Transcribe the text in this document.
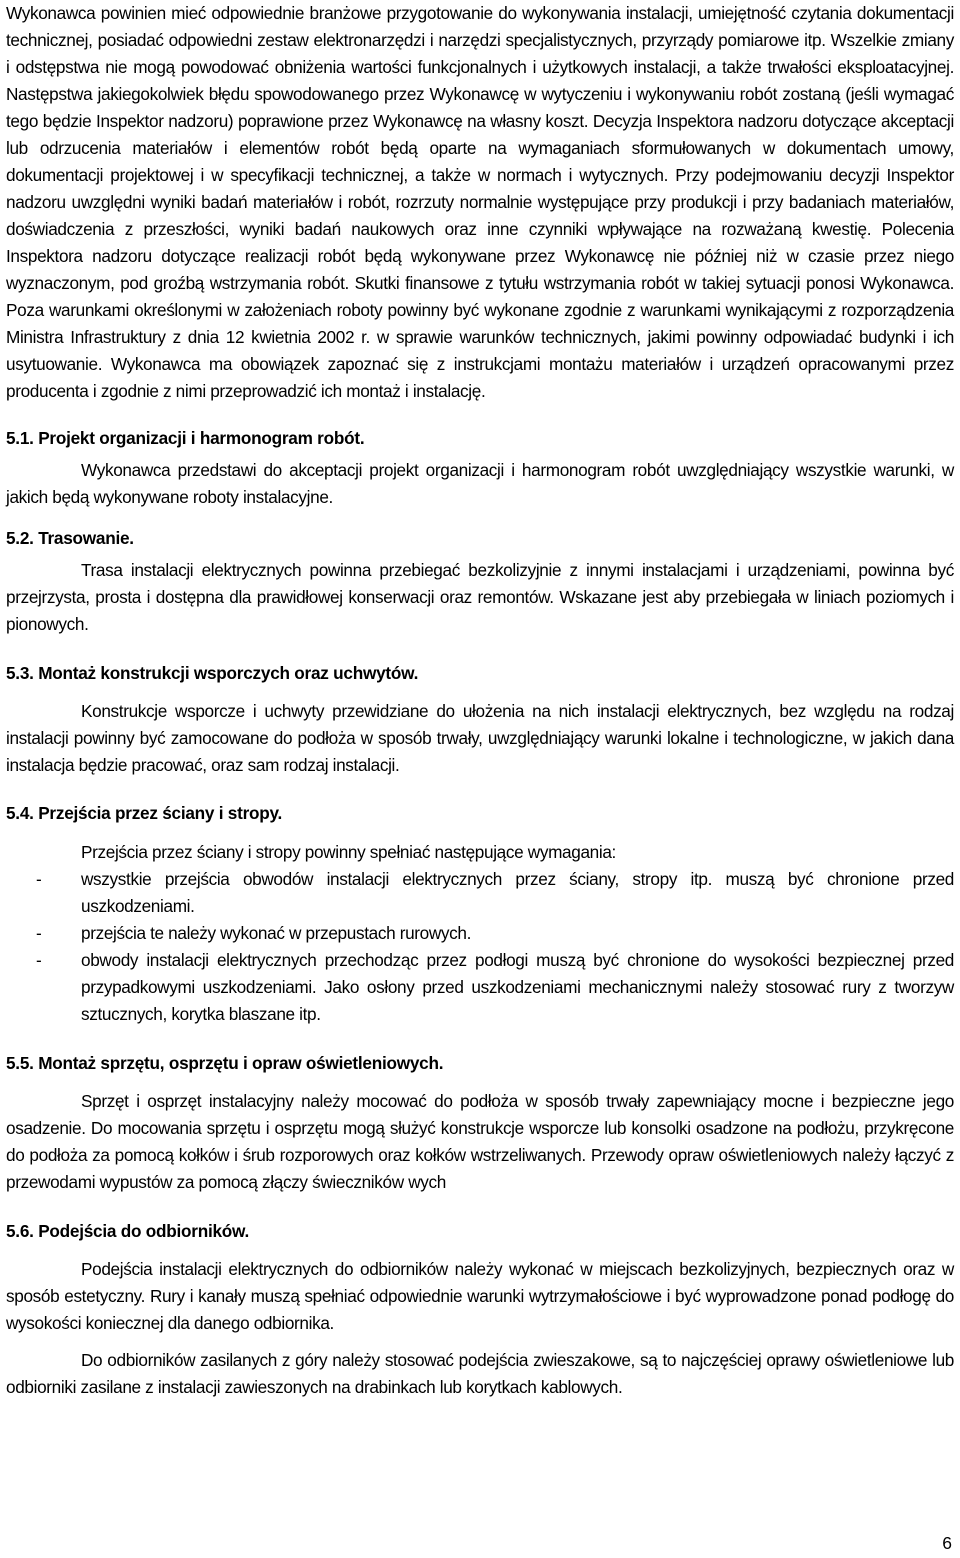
Wykonawca powinien mieć odpowiednie branżowe przygotowanie do wykonywania instalacji, umiejętność czytania dokumentacji technicznej, posiadać odpowiedni zestaw elektronarzędzi i narzędzi specjalistycznych, przyrządy pomiarowe itp. Wszelkie zmiany i odstępstwa nie mogą powodować obniżenia wartości funkcjonalnych i użytkowych instalacji, a także trwałości eksploatacyjnej. Następstwa jakiegokolwiek błędu spowodowanego przez Wykonawcę w wytyczeniu i wykonywaniu robót zostaną (jeśli wymagać tego będzie Inspektor nadzoru) poprawione przez Wykonawcę na własny koszt. Decyzja Inspektora nadzoru dotyczące akceptacji lub odrzucenia materiałów i elementów robót będą oparte na wymaganiach sformułowanych w dokumentach umowy, dokumentacji projektowej i w specyfikacji technicznej, a także w normach i wytycznych. Przy podejmowaniu decyzji Inspektor nadzoru uwzględni wyniki badań materiałów i robót, rozrzuty normalnie występujące przy produkcji i przy badaniach materiałów, doświadczenia z przeszłości, wyniki badań naukowych oraz inne czynniki wpływające na rozważaną kwestię. Polecenia Inspektora nadzoru dotyczące realizacji robót będą wykonywane przez Wykonawcę nie później niż w czasie przez niego wyznaczonym, pod groźbą wstrzymania robót. Skutki finansowe z tytułu wstrzymania robót w takiej sytuacji ponosi Wykonawca. Poza warunkami określonymi w założeniach roboty powinny być wykonane zgodnie z warunkami wynikającymi z rozporządzenia Ministra Infrastruktury z dnia 12 kwietnia 2002 r. w sprawie warunków technicznych, jakimi powinny odpowiadać budynki i ich usytuowanie. Wykonawca ma obowiązek zapoznać się z instrukcjami montażu materiałów i urządzeń opracowanymi przez producenta i zgodnie z nimi przeprowadzić ich montaż i instalację.

5.1. Projekt organizacji i harmonogram robót.

Wykonawca przedstawi do akceptacji projekt organizacji i harmonogram robót uwzględniający wszystkie warunki, w jakich będą wykonywane roboty instalacyjne.

5.2. Trasowanie.

Trasa instalacji elektrycznych powinna przebiegać bezkolizyjnie z innymi instalacjami i urządzeniami, powinna być przejrzysta, prosta i dostępna dla prawidłowej konserwacji oraz remontów. Wskazane jest aby przebiegała w liniach poziomych i pionowych.

5.3. Montaż konstrukcji wsporczych oraz uchwytów.

Konstrukcje wsporcze i uchwyty przewidziane do ułożenia na nich instalacji elektrycznych, bez względu na rodzaj instalacji powinny być zamocowane do podłoża w sposób trwały, uwzględniający warunki lokalne i technologiczne, w jakich dana instalacja będzie pracować, oraz sam rodzaj instalacji.

5.4. Przejścia przez ściany i stropy.

Przejścia przez ściany i stropy powinny spełniać następujące wymagania:

- wszystkie przejścia obwodów instalacji elektrycznych przez ściany, stropy itp. muszą być chronione przed uszkodzeniami.
- przejścia te należy wykonać w przepustach rurowych.
- obwody instalacji elektrycznych przechodząc przez podłogi muszą być chronione do wysokości bezpiecznej przed przypadkowymi uszkodzeniami. Jako osłony przed uszkodzeniami mechanicznymi należy stosować rury z tworzyw sztucznych, korytka blaszane itp.

5.5. Montaż sprzętu, osprzętu i opraw oświetleniowych.

Sprzęt i osprzęt instalacyjny należy mocować do podłoża w sposób trwały zapewniający mocne i bezpieczne jego osadzenie. Do mocowania sprzętu i osprzętu mogą służyć konstrukcje wsporcze lub konsolki osadzone na podłożu, przykręcone do podłoża za pomocą kołków i śrub rozporowych oraz kołków wstrzeliwanych. Przewody opraw oświetleniowych należy łączyć z przewodami wypustów za pomocą złączy świeczników wych

5.6. Podejścia do odbiorników.

Podejścia instalacji elektrycznych do odbiorników należy wykonać w miejscach bezkolizyjnych, bezpiecznych oraz w sposób estetyczny. Rury i kanały muszą spełniać odpowiednie warunki wytrzymałościowe i być wyprowadzone ponad podłogę do wysokości koniecznej dla danego odbiornika.

Do odbiorników zasilanych z góry należy stosować podejścia zwieszakowe, są to najczęściej oprawy oświetleniowe lub odbiorniki zasilane z instalacji zawieszonych na drabinkach lub korytkach kablowych.

6
